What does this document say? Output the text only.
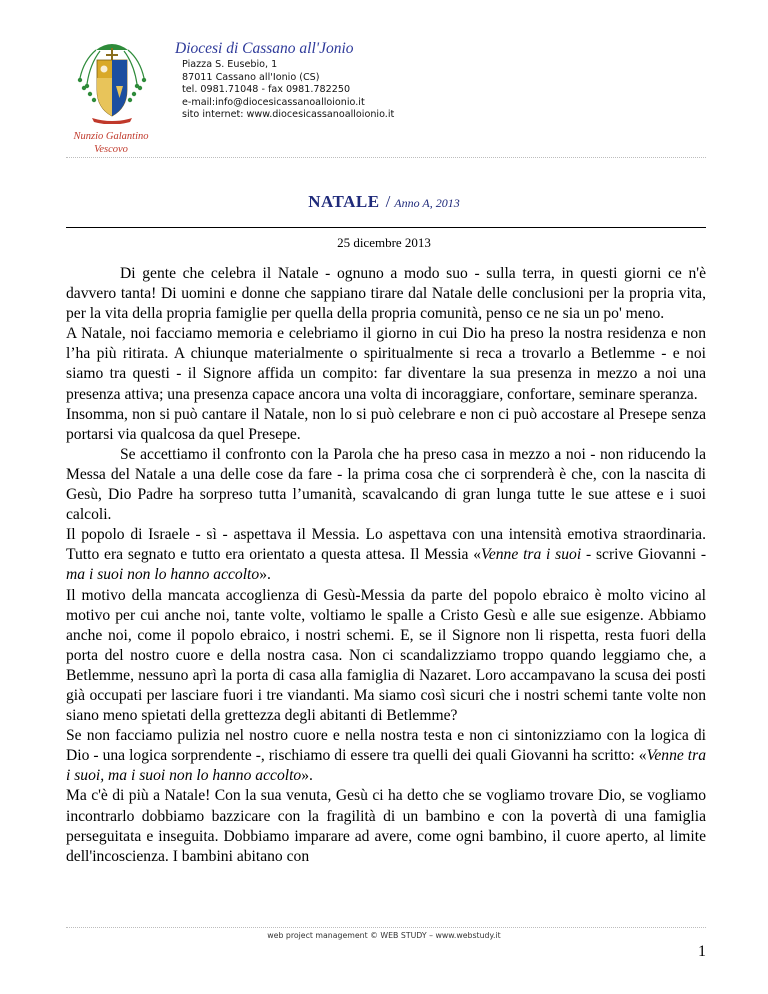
Diocesi di Cassano all'Jonio
Piazza S. Eusebio, 1
87011 Cassano all'Ionio (CS)
tel. 0981.71048 - fax 0981.782250
e-mail:info@diocesicassanoalloionio.it
sito internet: www.diocesicassanoalloionio.it
Nunzio Galantino
Vescovo
NATALE / Anno A, 2013
25 dicembre 2013

Di gente che celebra il Natale - ognuno a modo suo - sulla terra, in questi giorni ce n'è davvero tanta! Di uomini e donne che sappiano tirare dal Natale delle conclusioni per la propria vita, per la vita della propria famiglie per quella della propria comunità, penso ce ne sia un po' meno.

A Natale, noi facciamo memoria e celebriamo il giorno in cui Dio ha preso la nostra residenza e non l’ha più ritirata. A chiunque materialmente o spiritualmente si reca a trovarlo a Betlemme - e noi siamo tra questi - il Signore affida un compito: far diventare la sua presenza in mezzo a noi una presenza attiva; una presenza capace ancora una volta di incoraggiare, confortare, seminare speranza.

Insomma, non si può cantare il Natale, non lo si può celebrare e non ci può accostare al Presepe senza portarsi via qualcosa da quel Presepe.

Se accettiamo il confronto con la Parola che ha preso casa in mezzo a noi - non riducendo la Messa del Natale a una delle cose da fare - la prima cosa che ci sorprenderà è che, con la nascita di Gesù, Dio Padre ha sorpreso tutta l’umanità, scavalcando di gran lunga tutte le sue attese e i suoi calcoli.

Il popolo di Israele - sì - aspettava il Messia. Lo aspettava con una intensità emotiva straordinaria. Tutto era segnato e tutto era orientato a questa attesa. Il Messia «Venne tra i suoi - scrive Giovanni - ma i suoi non lo hanno accolto».

Il motivo della mancata accoglienza di Gesù-Messia da parte del popolo ebraico è molto vicino al motivo per cui anche noi, tante volte, voltiamo le spalle a Cristo Gesù e alle sue esigenze. Abbiamo anche noi, come il popolo ebraico, i nostri schemi. E, se il Signore non li rispetta, resta fuori della porta del nostro cuore e della nostra casa. Non ci scandalizziamo troppo quando leggiamo che, a Betlemme, nessuno aprì la porta di casa alla famiglia di Nazaret. Loro accampavano la scusa dei posti già occupati per lasciare fuori i tre viandanti. Ma siamo così sicuri che i nostri schemi tante volte non siano meno spietati della grettezza degli abitanti di Betlemme?

Se non facciamo pulizia nel nostro cuore e nella nostra testa e non ci sintonizziamo con la logica di Dio - una logica sorprendente -, rischiamo di essere tra quelli dei quali Giovanni ha scritto: «Venne tra i suoi, ma i suoi non lo hanno accolto».

Ma c'è di più a Natale! Con la sua venuta, Gesù ci ha detto che se vogliamo trovare Dio, se vogliamo incontrarlo dobbiamo bazzicare con la fragilità di un bambino e con la povertà di una famiglia perseguitata e inseguita. Dobbiamo imparare ad avere, come ogni bambino, il cuore aperto, al limite dell'incoscienza. I bambini abitano con

web project management © WEB STUDY – www.webstudy.it
1
